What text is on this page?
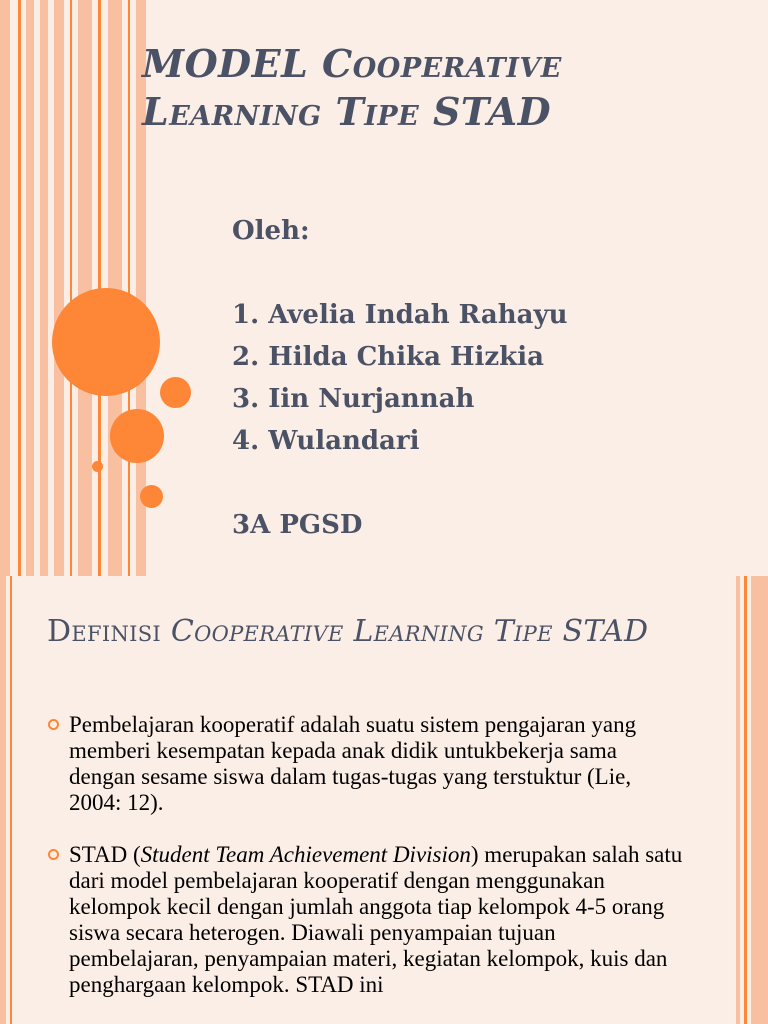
MODEL Cooperative
Learning Tipe STAD
Oleh:
1. Avelia Indah Rahayu
2. Hilda Chika Hizkia
3. Iin Nurjannah
4. Wulandari
3A PGSD
Definisi Cooperative Learning Tipe STAD
Pembelajaran kooperatif adalah suatu sistem pengajaran yang memberi kesempatan kepada anak didik untukbekerja sama dengan sesame siswa dalam tugas-tugas yang terstuktur (Lie, 2004: 12).
STAD (Student Team Achievement Division) merupakan salah satu dari model pembelajaran kooperatif dengan menggunakan kelompok kecil dengan jumlah anggota tiap kelompok 4-5 orang siswa secara heterogen. Diawali penyampaian tujuan pembelajaran, penyampaian materi, kegiatan kelompok, kuis dan penghargaan kelompok. STAD ini
